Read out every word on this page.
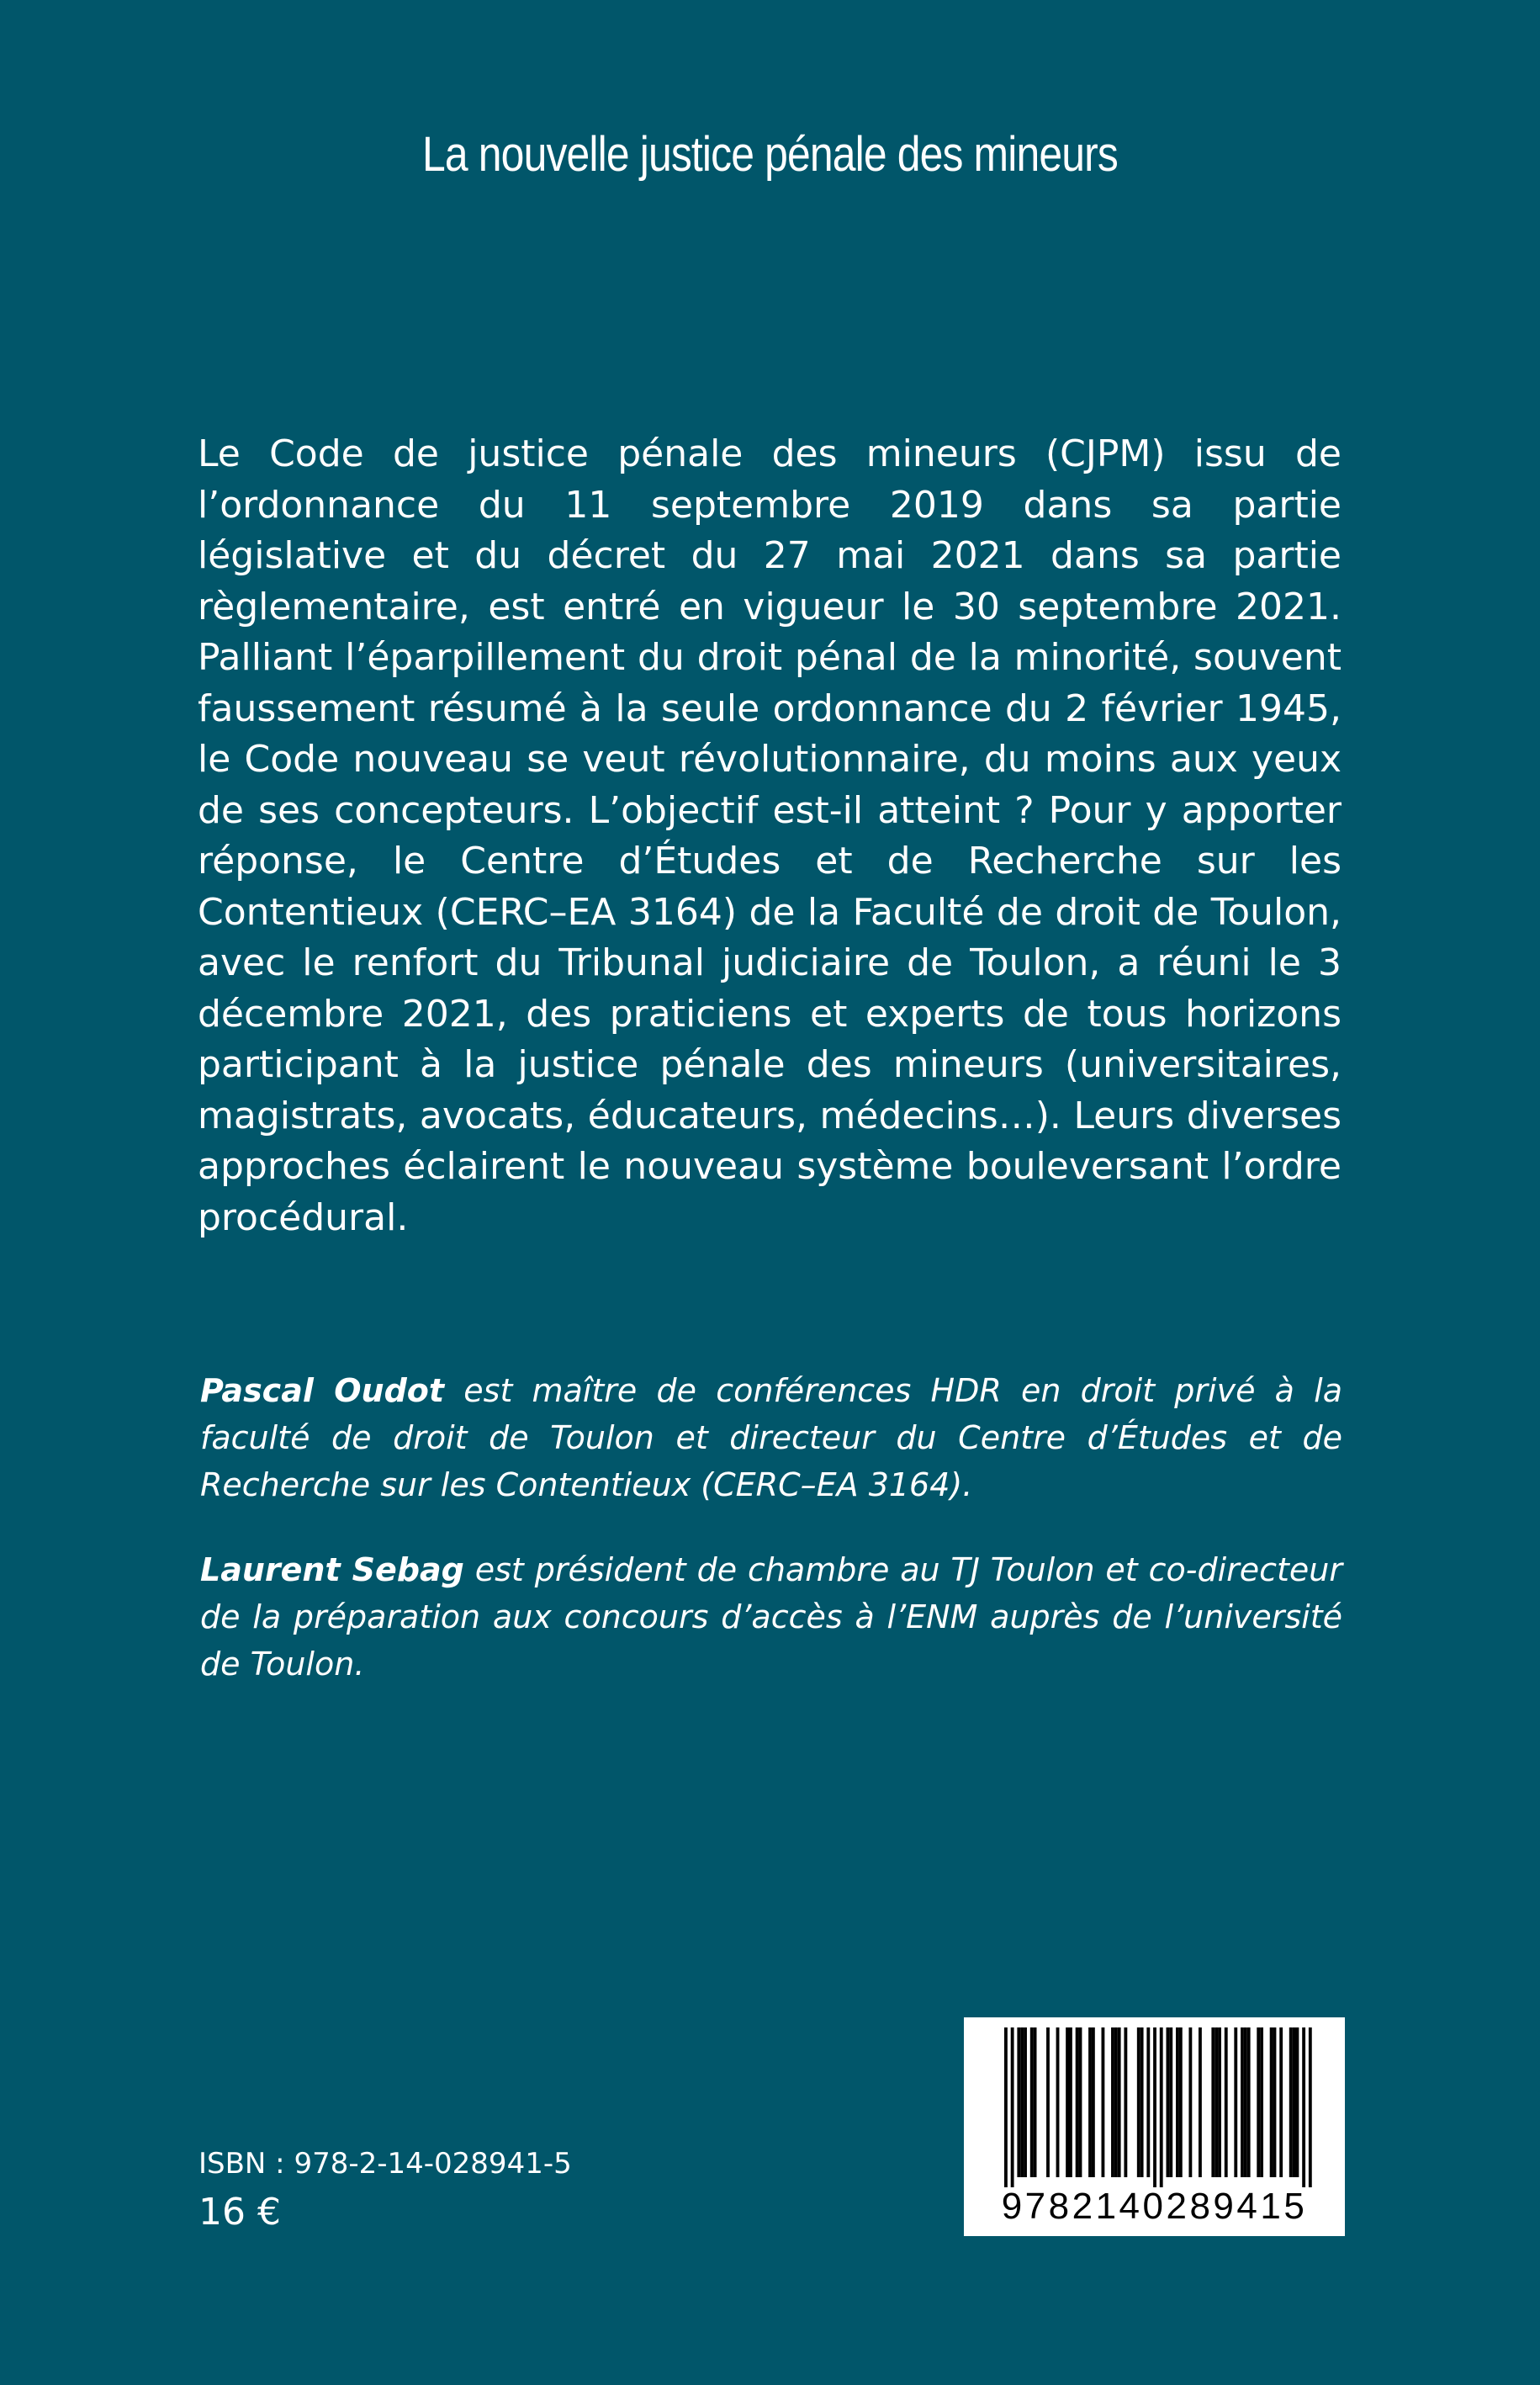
La nouvelle justice pénale des mineurs

Le Code de justice pénale des mineurs (CJPM) issu de l’ordonnance du 11 septembre 2019 dans sa partie législative et du décret du 27 mai 2021 dans sa partie règlementaire, est entré en vigueur le 30 septembre 2021. Palliant l’éparpillement du droit pénal de la minorité, souvent faussement résumé à la seule ordonnance du 2 février 1945, le Code nouveau se veut révolutionnaire, du moins aux yeux de ses concepteurs. L’objectif est-il atteint ? Pour y apporter réponse, le Centre d’Études et de Recherche sur les Contentieux (CERC–EA 3164) de la Faculté de droit de Toulon, avec le renfort du Tribunal judiciaire de Toulon, a réuni le 3 décembre 2021, des praticiens et experts de tous horizons participant à la justice pénale des mineurs (universitaires, magistrats, avocats, éducateurs, médecins…). Leurs diverses approches éclairent le nouveau système bouleversant l’ordre procédural.

Pascal Oudot est maître de conférences HDR en droit privé à la faculté de droit de Toulon et directeur du Centre d’Études et de Recherche sur les Contentieux (CERC–EA 3164).

Laurent Sebag est président de chambre au TJ Toulon et co-directeur de la préparation aux concours d’accès à l’ENM auprès de l’université de Toulon.

ISBN : 978-2-14-028941-5
16 €	9782140289415
